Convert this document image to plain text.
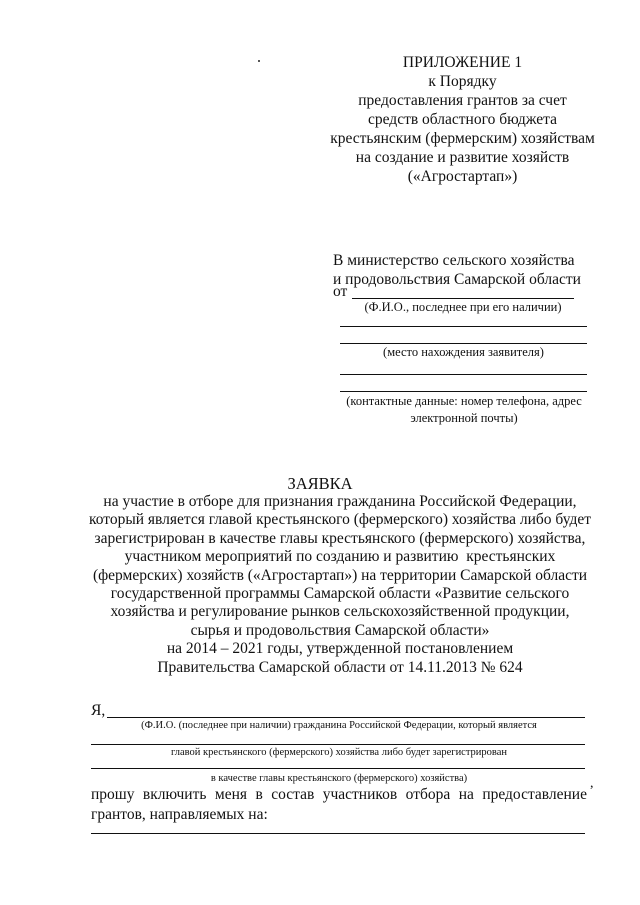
ПРИЛОЖЕНИЕ 1
к Порядку
предоставления грантов за счет
средств областного бюджета
крестьянским (фермерским) хозяйствам
на создание и развитие хозяйств
(«Агростартап»)
В министерство сельского хозяйства
и продовольствия Самарской области
от
(Ф.И.О., последнее при его наличии)
(место нахождения заявителя)
(контактные данные: номер телефона, адрес
электронной почты)
ЗАЯВКА
на участие в отборе для признания гражданина Российской Федерации,
который является главой крестьянского (фермерского) хозяйства либо будет
зарегистрирован в качестве главы крестьянского (фермерского) хозяйства,
участником мероприятий по созданию и развитию  крестьянских
(фермерских) хозяйств («Агростартап») на территории Самарской области
государственной программы Самарской области «Развитие сельского
хозяйства и регулирование рынков сельскохозяйственной продукции,
сырья и продовольствия Самарской области»
на 2014 – 2021 годы, утвержденной постановлением
Правительства Самарской области от 14.11.2013 № 624
Я,
(Ф.И.О. (последнее при наличии) гражданина Российской Федерации, который является
главой крестьянского (фермерского) хозяйства либо будет зарегистрирован
,
в качестве главы крестьянского (фермерского) хозяйства)
прошу включить меня в состав участников отбора на предоставление грантов, направляемых на:
